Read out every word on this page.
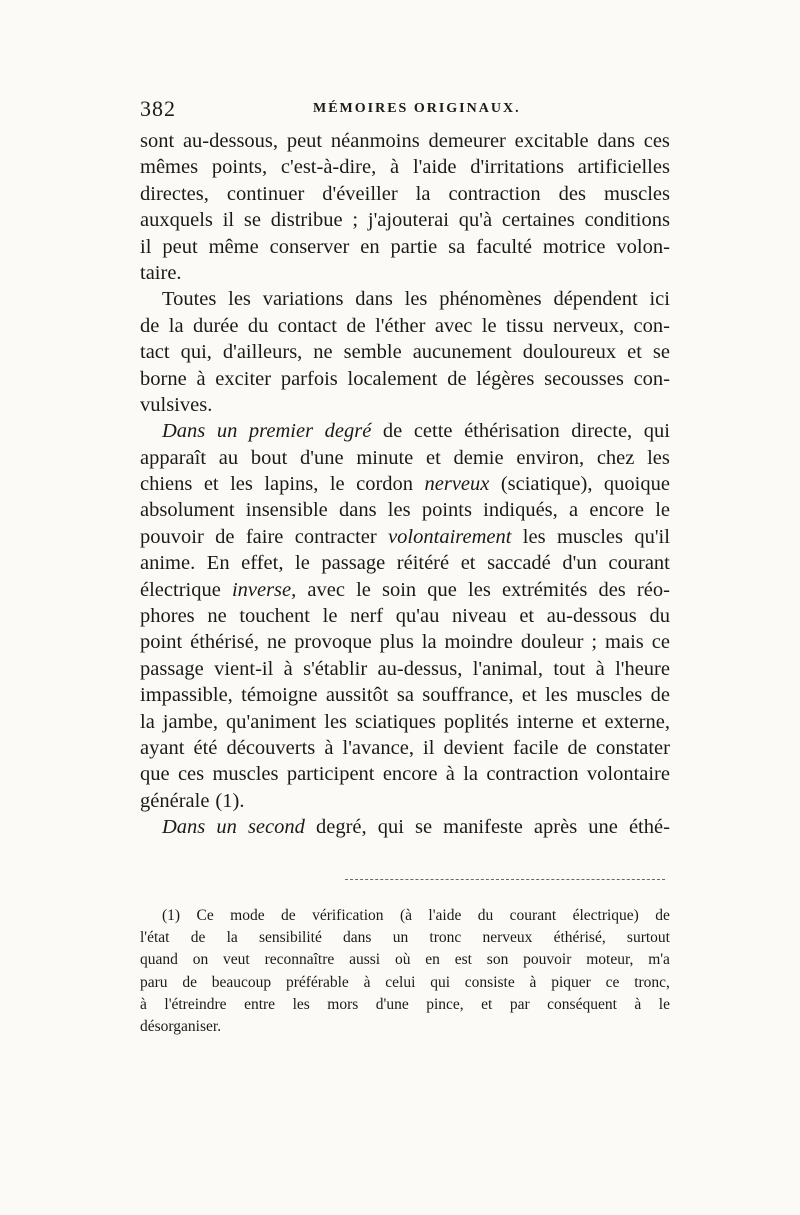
382	MÉMOIRES ORIGINAUX.
sont au-dessous, peut néanmoins demeurer excitable dans ces
mêmes points, c'est-à-dire, à l'aide d'irritations artificielles
directes, continuer d'éveiller la contraction des muscles
auxquels il se distribue ; j'ajouterai qu'à certaines conditions
il peut même conserver en partie sa faculté motrice volon-
taire.
Toutes les variations dans les phénomènes dépendent ici
de la durée du contact de l'éther avec le tissu nerveux, con-
tact qui, d'ailleurs, ne semble aucunement douloureux et se
borne à exciter parfois localement de légères secousses con-
vulsives.
Dans un premier degré de cette éthérisation directe, qui
apparaît au bout d'une minute et demie environ, chez les
chiens et les lapins, le cordon nerveux (sciatique), quoique
absolument insensible dans les points indiqués, a encore le
pouvoir de faire contracter volontairement les muscles qu'il
anime. En effet, le passage réitéré et saccadé d'un courant
électrique inverse, avec le soin que les extrémités des réo-
phores ne touchent le nerf qu'au niveau et au-dessous du
point éthérisé, ne provoque plus la moindre douleur ; mais ce
passage vient-il à s'établir au-dessus, l'animal, tout à l'heure
impassible, témoigne aussitôt sa souffrance, et les muscles de
la jambe, qu'animent les sciatiques poplités interne et externe,
ayant été découverts à l'avance, il devient facile de constater
que ces muscles participent encore à la contraction volontaire
générale (1).
Dans un second degré, qui se manifeste après une éthé-
(1) Ce mode de vérification (à l'aide du courant électrique) de
l'état de la sensibilité dans un tronc nerveux éthérisé, surtout
quand on veut reconnaître aussi où en est son pouvoir moteur, m'a
paru de beaucoup préférable à celui qui consiste à piquer ce tronc,
à l'étreindre entre les mors d'une pince, et par conséquent à le
désorganiser.
